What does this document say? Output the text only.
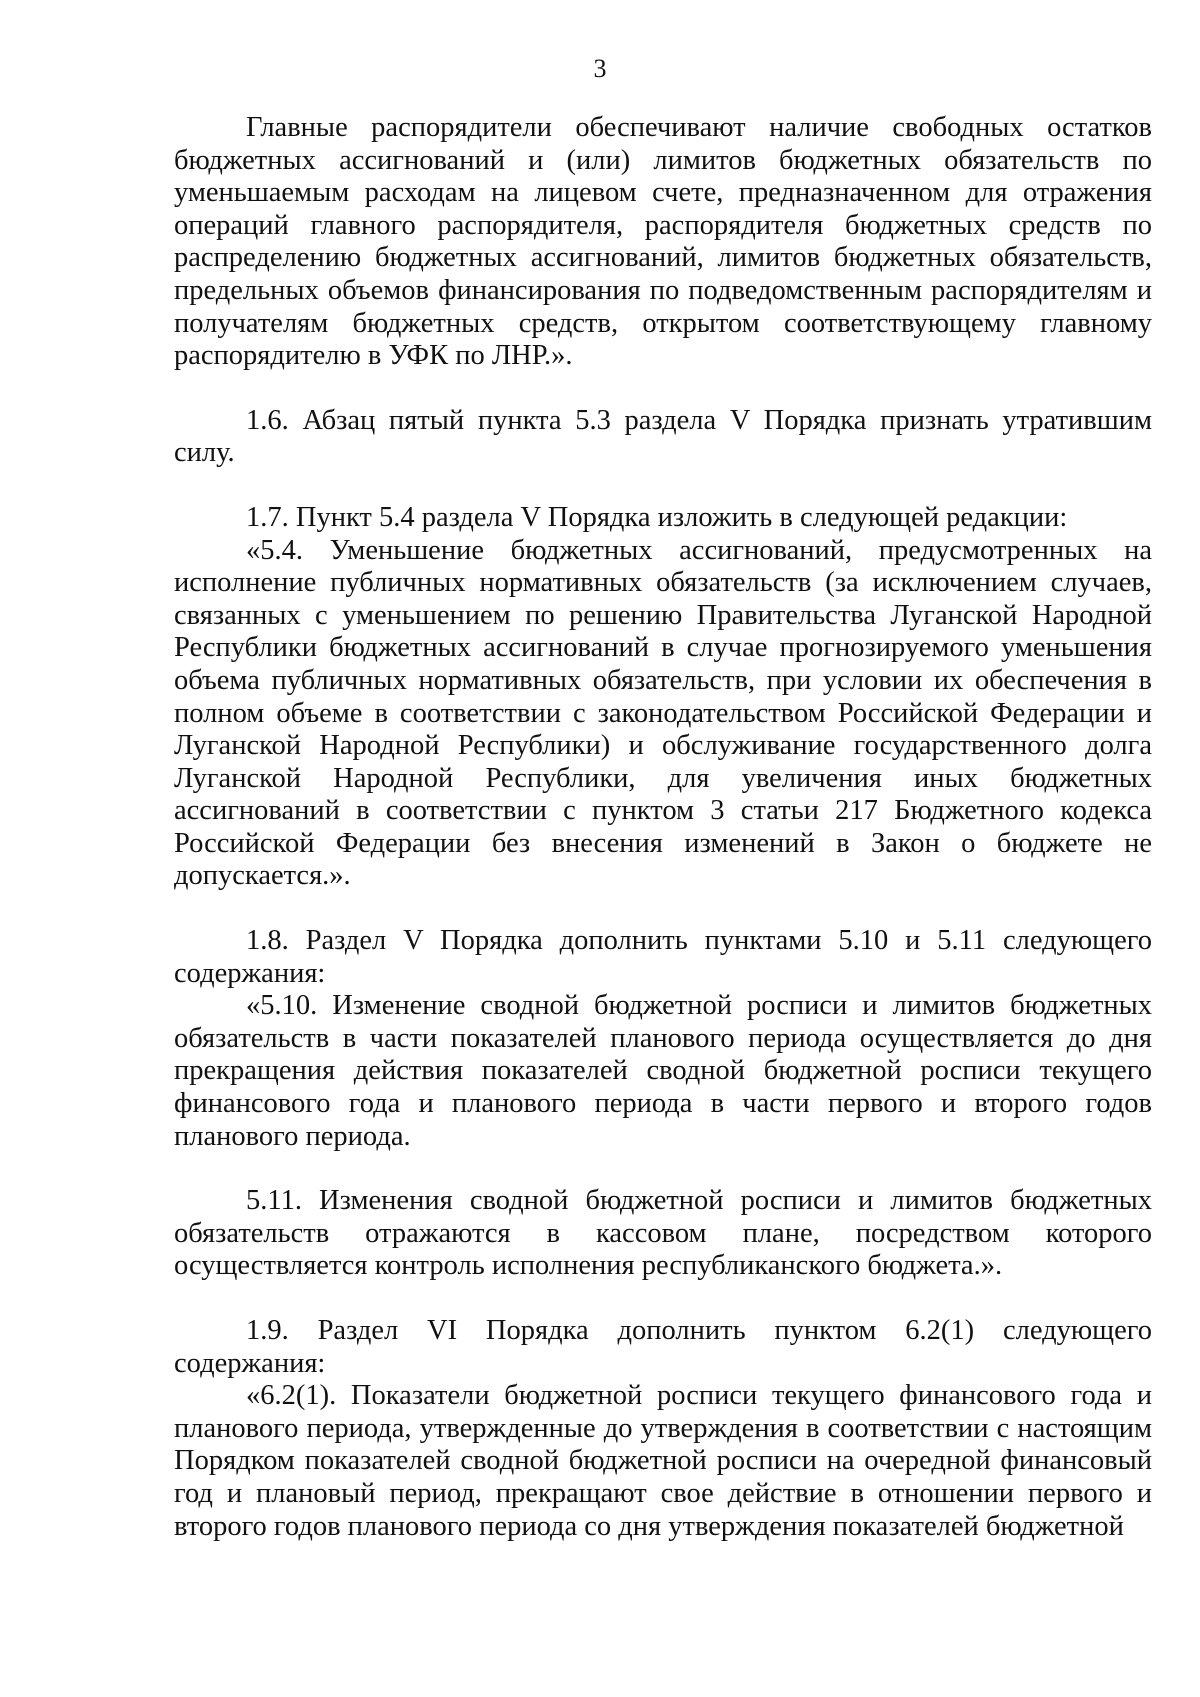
3

Главные распорядители обеспечивают наличие свободных остатков бюджетных ассигнований и (или) лимитов бюджетных обязательств по уменьшаемым расходам на лицевом счете, предназначенном для отражения операций главного распорядителя, распорядителя бюджетных средств по распределению бюджетных ассигнований, лимитов бюджетных обязательств, предельных объемов финансирования по подведомственным распорядителям и получателям бюджетных средств, открытом соответствующему главному распорядителю в УФК по ЛНР.».

1.6. Абзац пятый пункта 5.3 раздела V Порядка признать утратившим силу.

1.7. Пункт 5.4 раздела V Порядка изложить в следующей редакции:

«5.4. Уменьшение бюджетных ассигнований, предусмотренных на исполнение публичных нормативных обязательств (за исключением случаев, связанных с уменьшением по решению Правительства Луганской Народной Республики бюджетных ассигнований в случае прогнозируемого уменьшения объема публичных нормативных обязательств, при условии их обеспечения в полном объеме в соответствии с законодательством Российской Федерации и Луганской Народной Республики) и обслуживание государственного долга Луганской Народной Республики, для увеличения иных бюджетных ассигнований в соответствии с пунктом 3 статьи 217 Бюджетного кодекса Российской Федерации без внесения изменений в Закон о бюджете не допускается.».

1.8. Раздел V Порядка дополнить пунктами 5.10 и 5.11 следующего содержания:

«5.10. Изменение сводной бюджетной росписи и лимитов бюджетных обязательств в части показателей планового периода осуществляется до дня прекращения действия показателей сводной бюджетной росписи текущего финансового года и планового периода в части первого и второго годов планового периода.

5.11. Изменения сводной бюджетной росписи и лимитов бюджетных обязательств отражаются в кассовом плане, посредством которого осуществляется контроль исполнения республиканского бюджета.».

1.9. Раздел VI Порядка дополнить пунктом 6.2(1) следующего содержания:

«6.2(1). Показатели бюджетной росписи текущего финансового года и планового периода, утвержденные до утверждения в соответствии с настоящим Порядком показателей сводной бюджетной росписи на очередной финансовый год и плановый период, прекращают свое действие в отношении первого и второго годов планового периода со дня утверждения показателей бюджетной
